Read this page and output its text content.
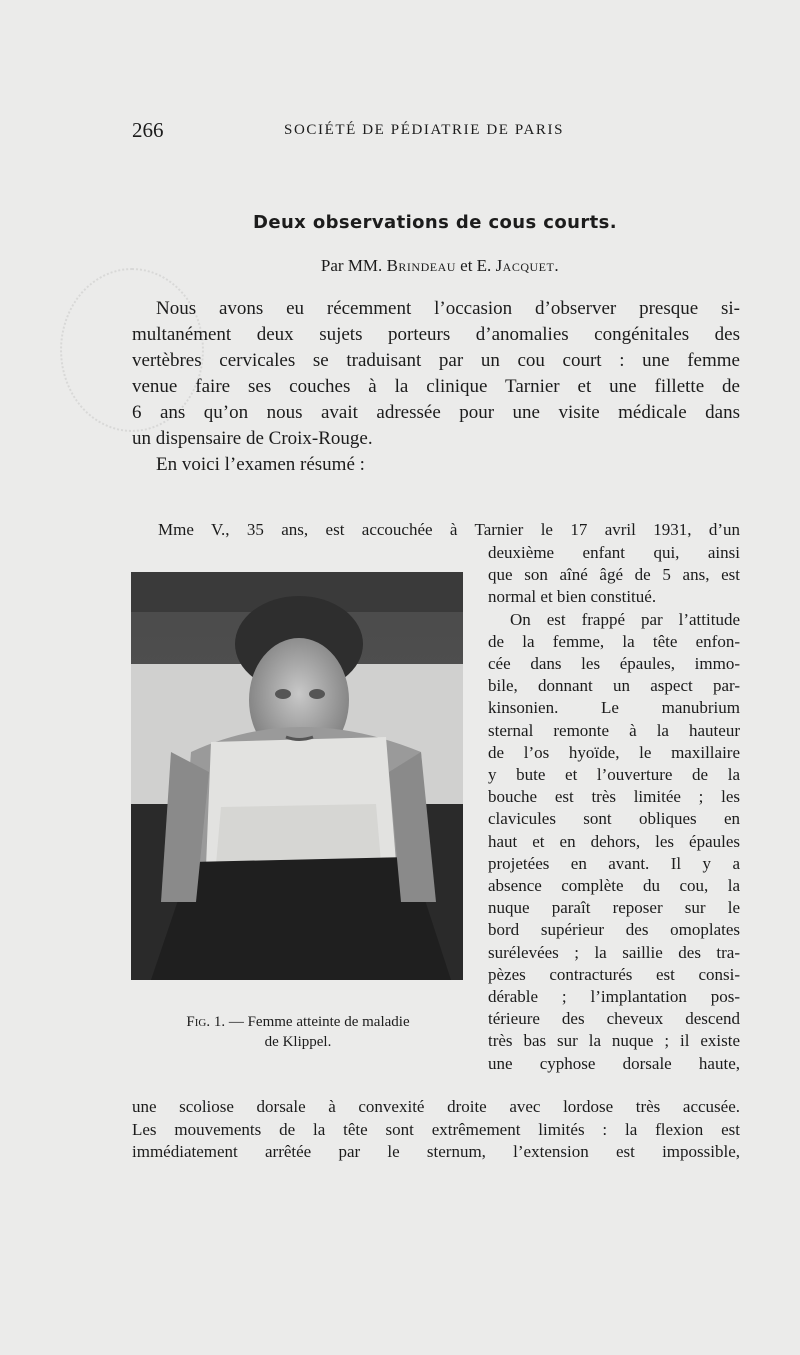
266	SOCIÉTÉ DE PÉDIATRIE DE PARIS
Deux observations de cous courts.
Par MM. Brindeau et E. Jacquet.

Nous avons eu récemment l’occasion d’observer presque si-

multanément deux sujets porteurs d’anomalies congénitales des

vertèbres cervicales se traduisant par un cou court : une femme

venue faire ses couches à la clinique Tarnier et une fillette de

6 ans qu’on nous avait adressée pour une visite médicale dans

un dispensaire de Croix-Rouge.

En voici l’examen résumé :

Mme V., 35 ans, est accouchée à Tarnier le 17 avril 1931, d’un
Fig. 1. — Femme atteinte de maladie
de Klippel.
deuxième enfant qui, ainsi
que son aîné âgé de 5 ans, est
normal et bien constitué.
On est frappé par l’attitude
de la femme, la tête enfon-
cée dans les épaules, immo-
bile, donnant un aspect par-
kinsonien. Le manubrium
sternal remonte à la hauteur
de l’os hyoïde, le maxillaire
y bute et l’ouverture de la
bouche est très limitée ; les
clavicules sont obliques en
haut et en dehors, les épaules
projetées en avant. Il y a
absence complète du cou, la
nuque paraît reposer sur le
bord supérieur des omoplates
surélevées ; la saillie des tra-
pèzes contracturés est consi-
dérable ; l’implantation pos-
térieure des cheveux descend
très bas sur la nuque ; il existe
une cyphose dorsale haute,
une scoliose dorsale à convexité droite avec lordose très accusée.
Les mouvements de la tête sont extrêmement limités : la flexion est
immédiatement arrêtée par le sternum, l’extension est impossible,
